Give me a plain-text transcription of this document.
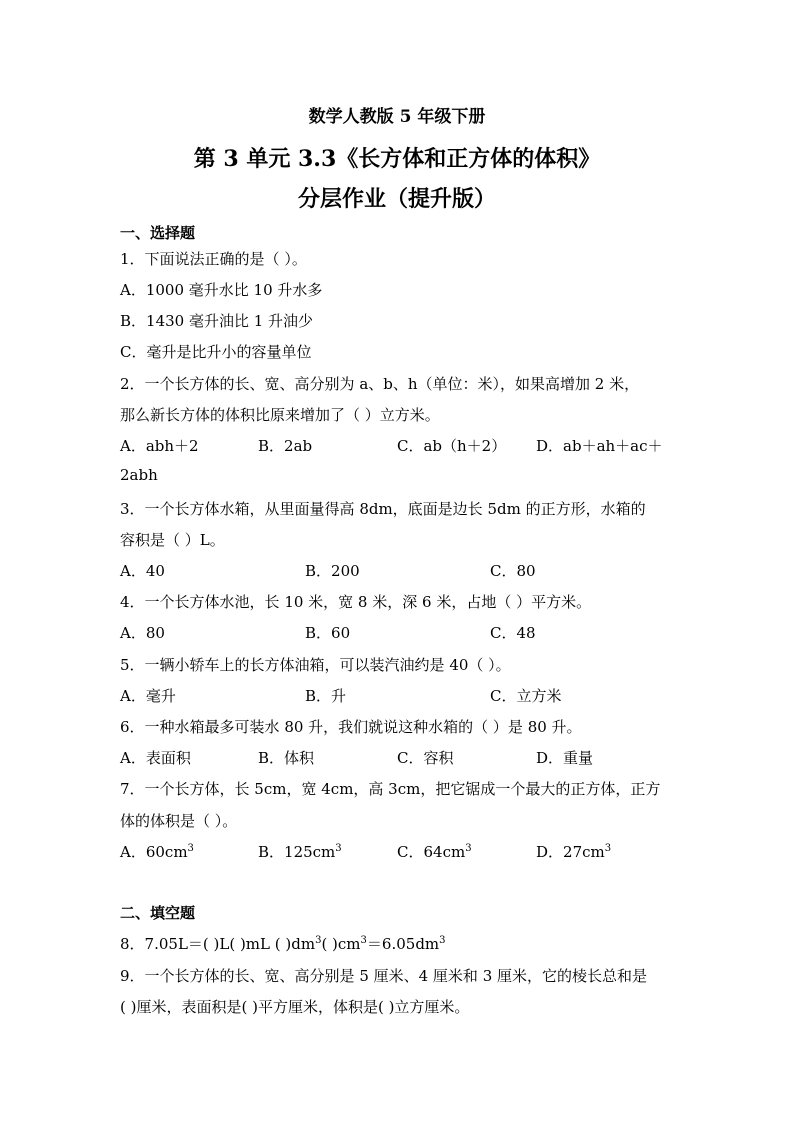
数学人教版 5 年级下册
第 3 单元 3.3《长方体和正方体的体积》
分层作业（提升版）
一、选择题
1．下面说法正确的是（ ）。
A．1000 毫升水比 10 升水多
B．1430 毫升油比 1 升油少
C．毫升是比升小的容量单位
2．一个长方体的长、宽、高分别为 a、b、h（单位：米），如果高增加 2 米，
那么新长方体的体积比原来增加了（ ）立方米。
A．abh＋2	B．2ab	C．ab（h＋2） D．ab＋ah＋ac＋
2abh
3．一个长方体水箱，从里面量得高 8dm，底面是边长 5dm 的正方形，水箱的
容积是（ ）L。
A．40	B．200	C．80
4．一个长方体水池，长 10 米，宽 8 米，深 6 米，占地（ ）平方米。
A．80	B．60	C．48
5．一辆小轿车上的长方体油箱，可以装汽油约是 40（ ）。
A．毫升	B．升	C．立方米
6．一种水箱最多可装水 80 升，我们就说这种水箱的（ ）是 80 升。
A．表面积	B．体积	C．容积	D．重量
7．一个长方体，长 5cm，宽 4cm，高 3cm，把它锯成一个最大的正方体，正方
体的体积是（ ）。
A．$60cm^3$	B．$125cm^3$	C．$64cm^3$	D．$27cm^3$
二、填空题
8．7.05L＝( )L( )mL ( )$dm^3$( )$cm^3=6.05dm^3$
9．一个长方体的长、宽、高分别是 5 厘米、4 厘米和 3 厘米，它的棱长总和是
( )厘米，表面积是( )平方厘米，体积是( )立方厘米。
